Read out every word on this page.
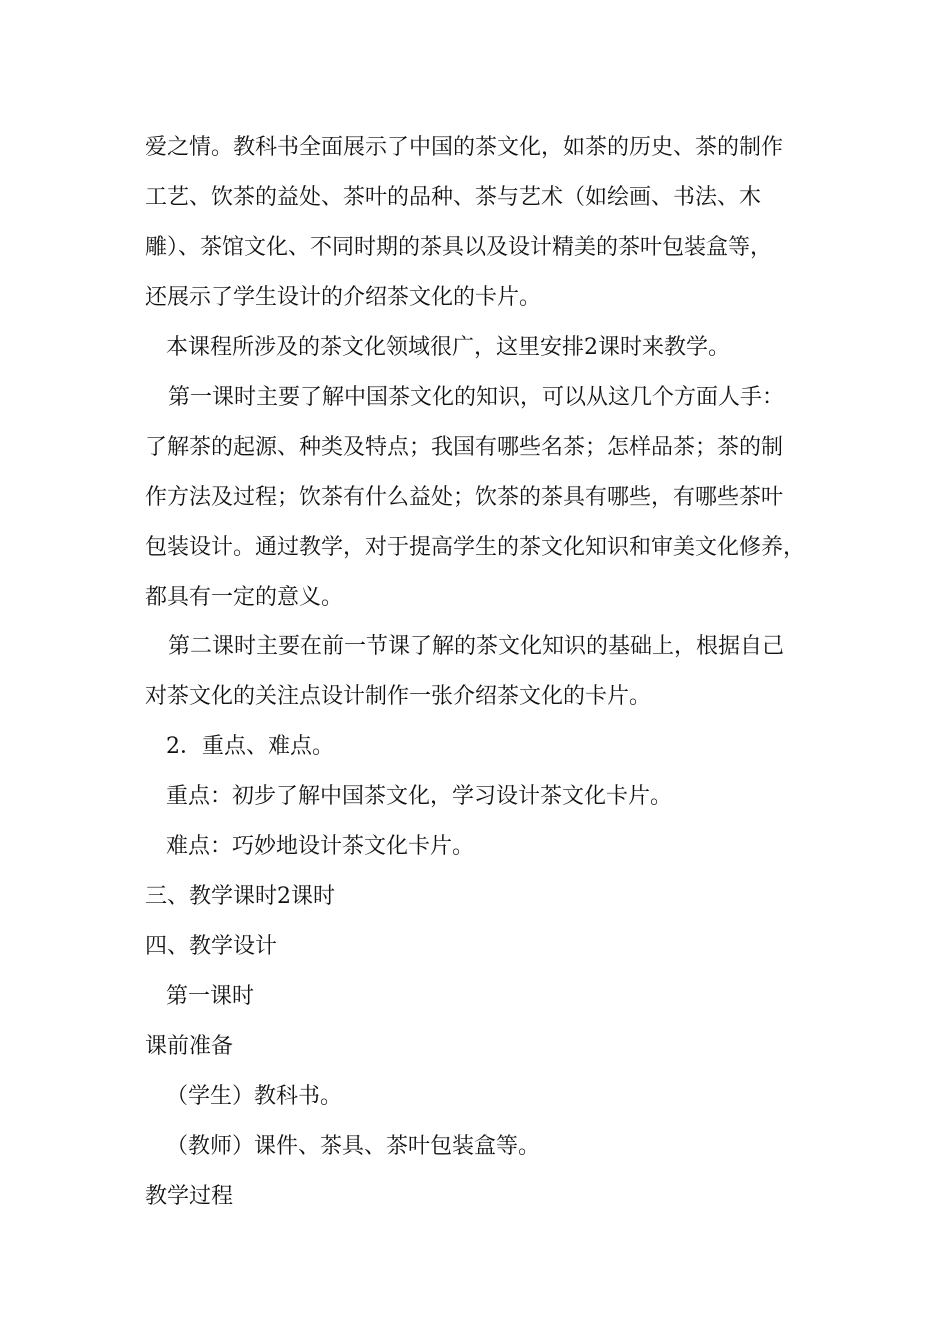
爱之情。教科书全面展示了中国的茶文化，如茶的历史、茶的制作
工艺、饮茶的益处、茶叶的品种、茶与艺术（如绘画、书法、木
雕）、茶馆文化、不同时期的茶具以及设计精美的茶叶包装盒等，
还展示了学生设计的介绍茶文化的卡片。
本课程所涉及的茶文化领域很广，这里安排2课时来教学。
第一课时主要了解中国茶文化的知识，可以从这几个方面人手：
了解茶的起源、种类及特点；我国有哪些名茶；怎样品茶；茶的制
作方法及过程；饮茶有什么益处；饮茶的茶具有哪些，有哪些茶叶
包装设计。通过教学，对于提高学生的茶文化知识和审美文化修养，
都具有一定的意义。
第二课时主要在前一节课了解的茶文化知识的基础上，根据自己
对茶文化的关注点设计制作一张介绍茶文化的卡片。
2．重点、难点。
重点：初步了解中国茶文化，学习设计茶文化卡片。
难点：巧妙地设计茶文化卡片。
三、教学课时2课时
四、教学设计
第一课时
课前准备
（学生）教科书。
（教师）课件、茶具、茶叶包装盒等。
教学过程
